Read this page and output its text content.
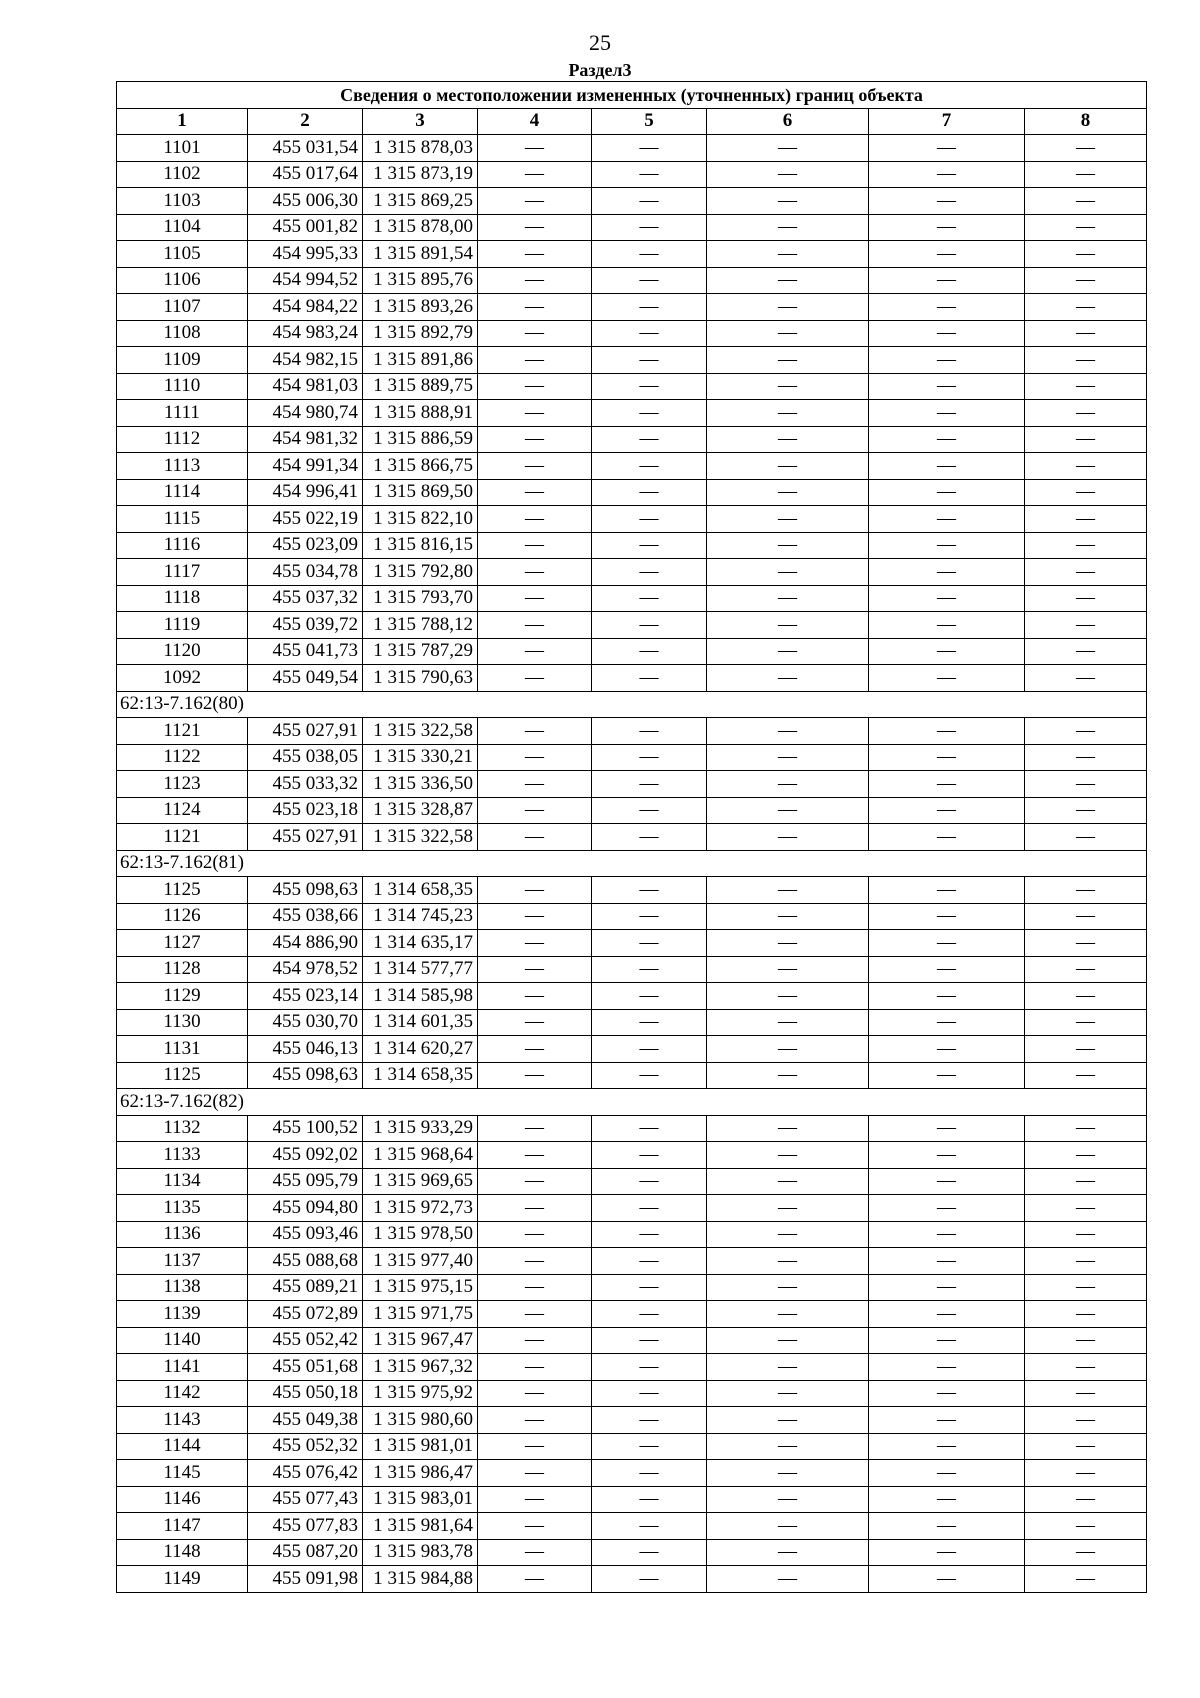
25
Раздел3
Сведения о местоположении измененных (уточненных) границ объекта							
1	2	3	4	5	6	7	8
1101	455 031,54	1 315 878,03	—	—	—	—	—
1102	455 017,64	1 315 873,19	—	—	—	—	—
1103	455 006,30	1 315 869,25	—	—	—	—	—
1104	455 001,82	1 315 878,00	—	—	—	—	—
1105	454 995,33	1 315 891,54	—	—	—	—	—
1106	454 994,52	1 315 895,76	—	—	—	—	—
1107	454 984,22	1 315 893,26	—	—	—	—	—
1108	454 983,24	1 315 892,79	—	—	—	—	—
1109	454 982,15	1 315 891,86	—	—	—	—	—
1110	454 981,03	1 315 889,75	—	—	—	—	—
1111	454 980,74	1 315 888,91	—	—	—	—	—
1112	454 981,32	1 315 886,59	—	—	—	—	—
1113	454 991,34	1 315 866,75	—	—	—	—	—
1114	454 996,41	1 315 869,50	—	—	—	—	—
1115	455 022,19	1 315 822,10	—	—	—	—	—
1116	455 023,09	1 315 816,15	—	—	—	—	—
1117	455 034,78	1 315 792,80	—	—	—	—	—
1118	455 037,32	1 315 793,70	—	—	—	—	—
1119	455 039,72	1 315 788,12	—	—	—	—	—
1120	455 041,73	1 315 787,29	—	—	—	—	—
1092	455 049,54	1 315 790,63	—	—	—	—	—
62:13-7.162(80)							
1121	455 027,91	1 315 322,58	—	—	—	—	—
1122	455 038,05	1 315 330,21	—	—	—	—	—
1123	455 033,32	1 315 336,50	—	—	—	—	—
1124	455 023,18	1 315 328,87	—	—	—	—	—
1121	455 027,91	1 315 322,58	—	—	—	—	—
62:13-7.162(81)							
1125	455 098,63	1 314 658,35	—	—	—	—	—
1126	455 038,66	1 314 745,23	—	—	—	—	—
1127	454 886,90	1 314 635,17	—	—	—	—	—
1128	454 978,52	1 314 577,77	—	—	—	—	—
1129	455 023,14	1 314 585,98	—	—	—	—	—
1130	455 030,70	1 314 601,35	—	—	—	—	—
1131	455 046,13	1 314 620,27	—	—	—	—	—
1125	455 098,63	1 314 658,35	—	—	—	—	—
62:13-7.162(82)							
1132	455 100,52	1 315 933,29	—	—	—	—	—
1133	455 092,02	1 315 968,64	—	—	—	—	—
1134	455 095,79	1 315 969,65	—	—	—	—	—
1135	455 094,80	1 315 972,73	—	—	—	—	—
1136	455 093,46	1 315 978,50	—	—	—	—	—
1137	455 088,68	1 315 977,40	—	—	—	—	—
1138	455 089,21	1 315 975,15	—	—	—	—	—
1139	455 072,89	1 315 971,75	—	—	—	—	—
1140	455 052,42	1 315 967,47	—	—	—	—	—
1141	455 051,68	1 315 967,32	—	—	—	—	—
1142	455 050,18	1 315 975,92	—	—	—	—	—
1143	455 049,38	1 315 980,60	—	—	—	—	—
1144	455 052,32	1 315 981,01	—	—	—	—	—
1145	455 076,42	1 315 986,47	—	—	—	—	—
1146	455 077,43	1 315 983,01	—	—	—	—	—
1147	455 077,83	1 315 981,64	—	—	—	—	—
1148	455 087,20	1 315 983,78	—	—	—	—	—
1149	455 091,98	1 315 984,88	—	—	—	—	—
